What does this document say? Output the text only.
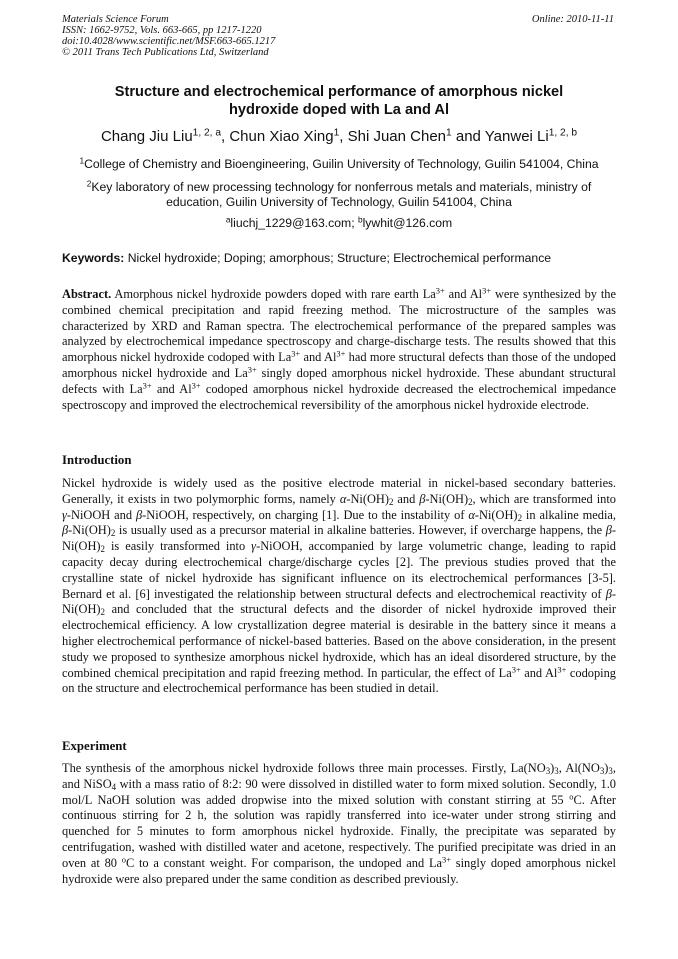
Materials Science Forum
ISSN: 1662-9752, Vols. 663-665, pp 1217-1220
doi:10.4028/www.scientific.net/MSF.663-665.1217
© 2011 Trans Tech Publications Ltd, Switzerland
Online: 2010-11-11
Structure and electrochemical performance of amorphous nickel
hydroxide doped with La and Al
Chang Jiu Liu$^{1, 2, a}$, Chun Xiao Xing$^1$, Shi Juan Chen$^1$ and Yanwei Li$^{1, 2, b}$
$^1$College of Chemistry and Bioengineering, Guilin University of Technology, Guilin 541004, China
$^2$Key laboratory of new processing technology for nonferrous metals and materials, ministry of education, Guilin University of Technology, Guilin 541004, China
$^a$liuchj_1229@163.com; $^b$lywhit@126.com
Keywords: Nickel hydroxide; Doping; amorphous; Structure; Electrochemical performance
Abstract. Amorphous nickel hydroxide powders doped with rare earth $La^{3+}$ and $Al^{3+}$ were synthesized by the combined chemical precipitation and rapid freezing method. The microstructure of the samples was characterized by XRD and Raman spectra. The electrochemical performance of the prepared samples was analyzed by electrochemical impedance spectroscopy and charge-discharge tests. The results showed that this amorphous nickel hydroxide codoped with $La^{3+}$ and $Al^{3+}$ had more structural defects than those of the undoped amorphous nickel hydroxide and $La^{3+}$ singly doped amorphous nickel hydroxide. These abundant structural defects with $La^{3+}$ and $Al^{3+}$ codoped amorphous nickel hydroxide decreased the electrochemical impedance spectroscopy and improved the electrochemical reversibility of the amorphous nickel hydroxide electrode.
Introduction
Nickel hydroxide is widely used as the positive electrode material in nickel-based secondary batteries. Generally, it exists in two polymorphic forms, namely $\alpha-Ni(OH)_2$ and $\beta-Ni(OH)_2$, which are transformed into γ-NiOOH and β-NiOOH, respectively, on charging [1]. Due to the instability of $\alpha-Ni(OH)_2$ in alkaline media, $\beta-Ni(OH)_2$ is usually used as a precursor material in alkaline batteries. However, if overcharge happens, the $\beta-Ni(OH)_2$ is easily transformed into γ-NiOOH, accompanied by large volumetric change, leading to rapid capacity decay during electrochemical charge/discharge cycles [2]. The previous studies proved that the crystalline state of nickel hydroxide has significant influence on its electrochemical performances [3-5]. Bernard et al. [6] investigated the relationship between structural defects and electrochemical reactivity of $\beta-Ni(OH)_2$ and concluded that the structural defects and the disorder of nickel hydroxide improved their electrochemical efficiency. A low crystallization degree material is desirable in the battery since it means a higher electrochemical performance of nickel-based batteries. Based on the above consideration, in the present study we proposed to synthesize amorphous nickel hydroxide, which has an ideal disordered structure, by the combined chemical precipitation and rapid freezing method. In particular, the effect of $La^{3+}$ and $Al^{3+}$ codoping on the structure and electrochemical performance has been studied in detail.
Experiment
The synthesis of the amorphous nickel hydroxide follows three main processes. Firstly, $La(NO_3)_3$, $Al(NO_3)_3$, and NiSO$_4$ with a mass ratio of 8:2: 90 were dissolved in distilled water to form mixed solution. Secondly, 1.0 mol/L NaOH solution was added dropwise into the mixed solution with constant stirring at 55 $^o$C. After continuous stirring for 2 h, the solution was rapidly transferred into ice-water under strong stirring and quenched for 5 minutes to form amorphous nickel hydroxide. Finally, the precipitate was separated by centrifugation, washed with distilled water and acetone, respectively. The purified precipitate was dried in an oven at 80 $^o$C to a constant weight. For comparison, the undoped and $La^{3+}$ singly doped amorphous nickel hydroxide were also prepared under the same condition as described previously.
